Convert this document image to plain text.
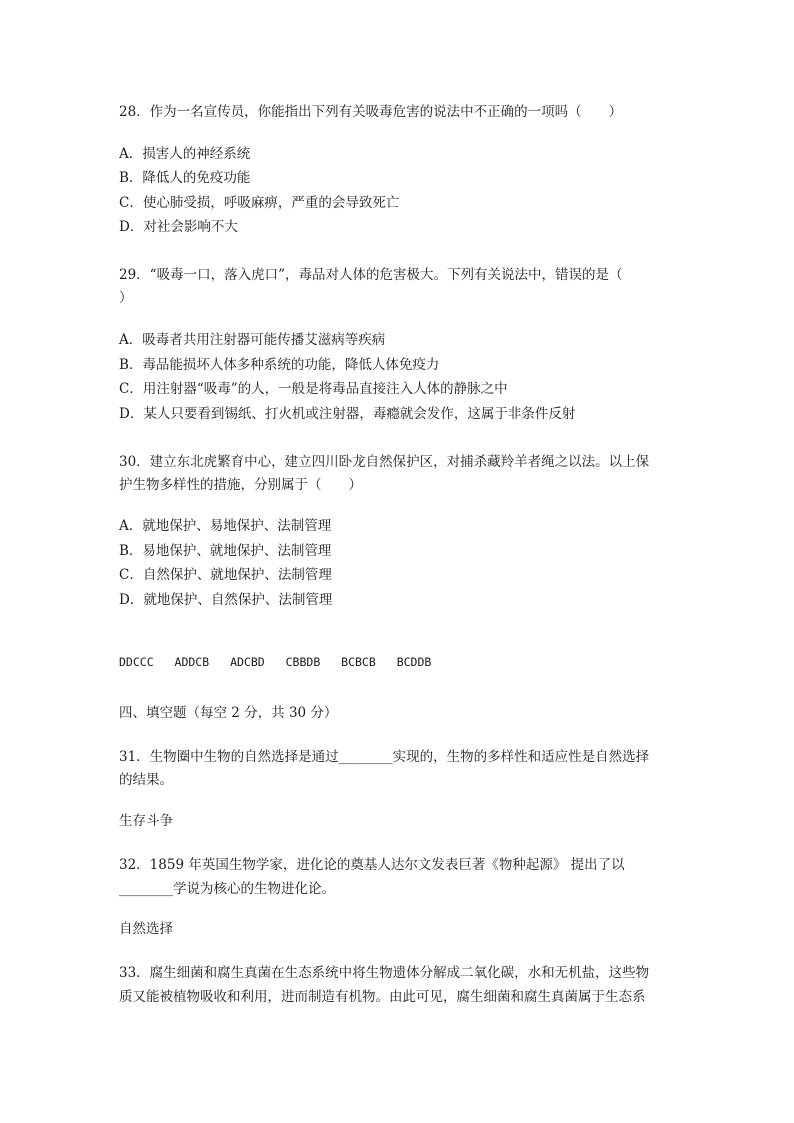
28．作为一名宣传员，你能指出下列有关吸毒危害的说法中不正确的一项吗（　　）
A．损害人的神经系统
B．降低人的免疫功能
C．使心肺受损，呼吸麻痹，严重的会导致死亡
D．对社会影响不大
29．“吸毒一口，落入虎口”，毒品对人体的危害极大。下列有关说法中，错误的是（
）
A．吸毒者共用注射器可能传播艾滋病等疾病
B．毒品能损坏人体多种系统的功能，降低人体免疫力
C．用注射器“吸毒”的人，一般是将毒品直接注入人体的静脉之中
D．某人只要看到锡纸、打火机或注射器，毒瘾就会发作，这属于非条件反射
30．建立东北虎繁育中心，建立四川卧龙自然保护区，对捕杀藏羚羊者绳之以法。以上保
护生物多样性的措施，分别属于（　　）
A．就地保护、易地保护、法制管理
B．易地保护、就地保护、法制管理
C．自然保护、就地保护、法制管理
D．就地保护、自然保护、法制管理
DDCCC ADDCB ADCBD CBBDB BCBCB BCDDB
四、填空题（每空 2 分，共 30 分）
31．生物圈中生物的自然选择是通过________实现的，生物的多样性和适应性是自然选择
的结果。
生存斗争
32．1859 年英国生物学家，进化论的奠基人达尔文发表巨著《物种起源》 提出了以
________学说为核心的生物进化论。
自然选择
33．腐生细菌和腐生真菌在生态系统中将生物遗体分解成二氧化碳，水和无机盐，这些物
质又能被植物吸收和利用，进而制造有机物。由此可见，腐生细菌和腐生真菌属于生态系
